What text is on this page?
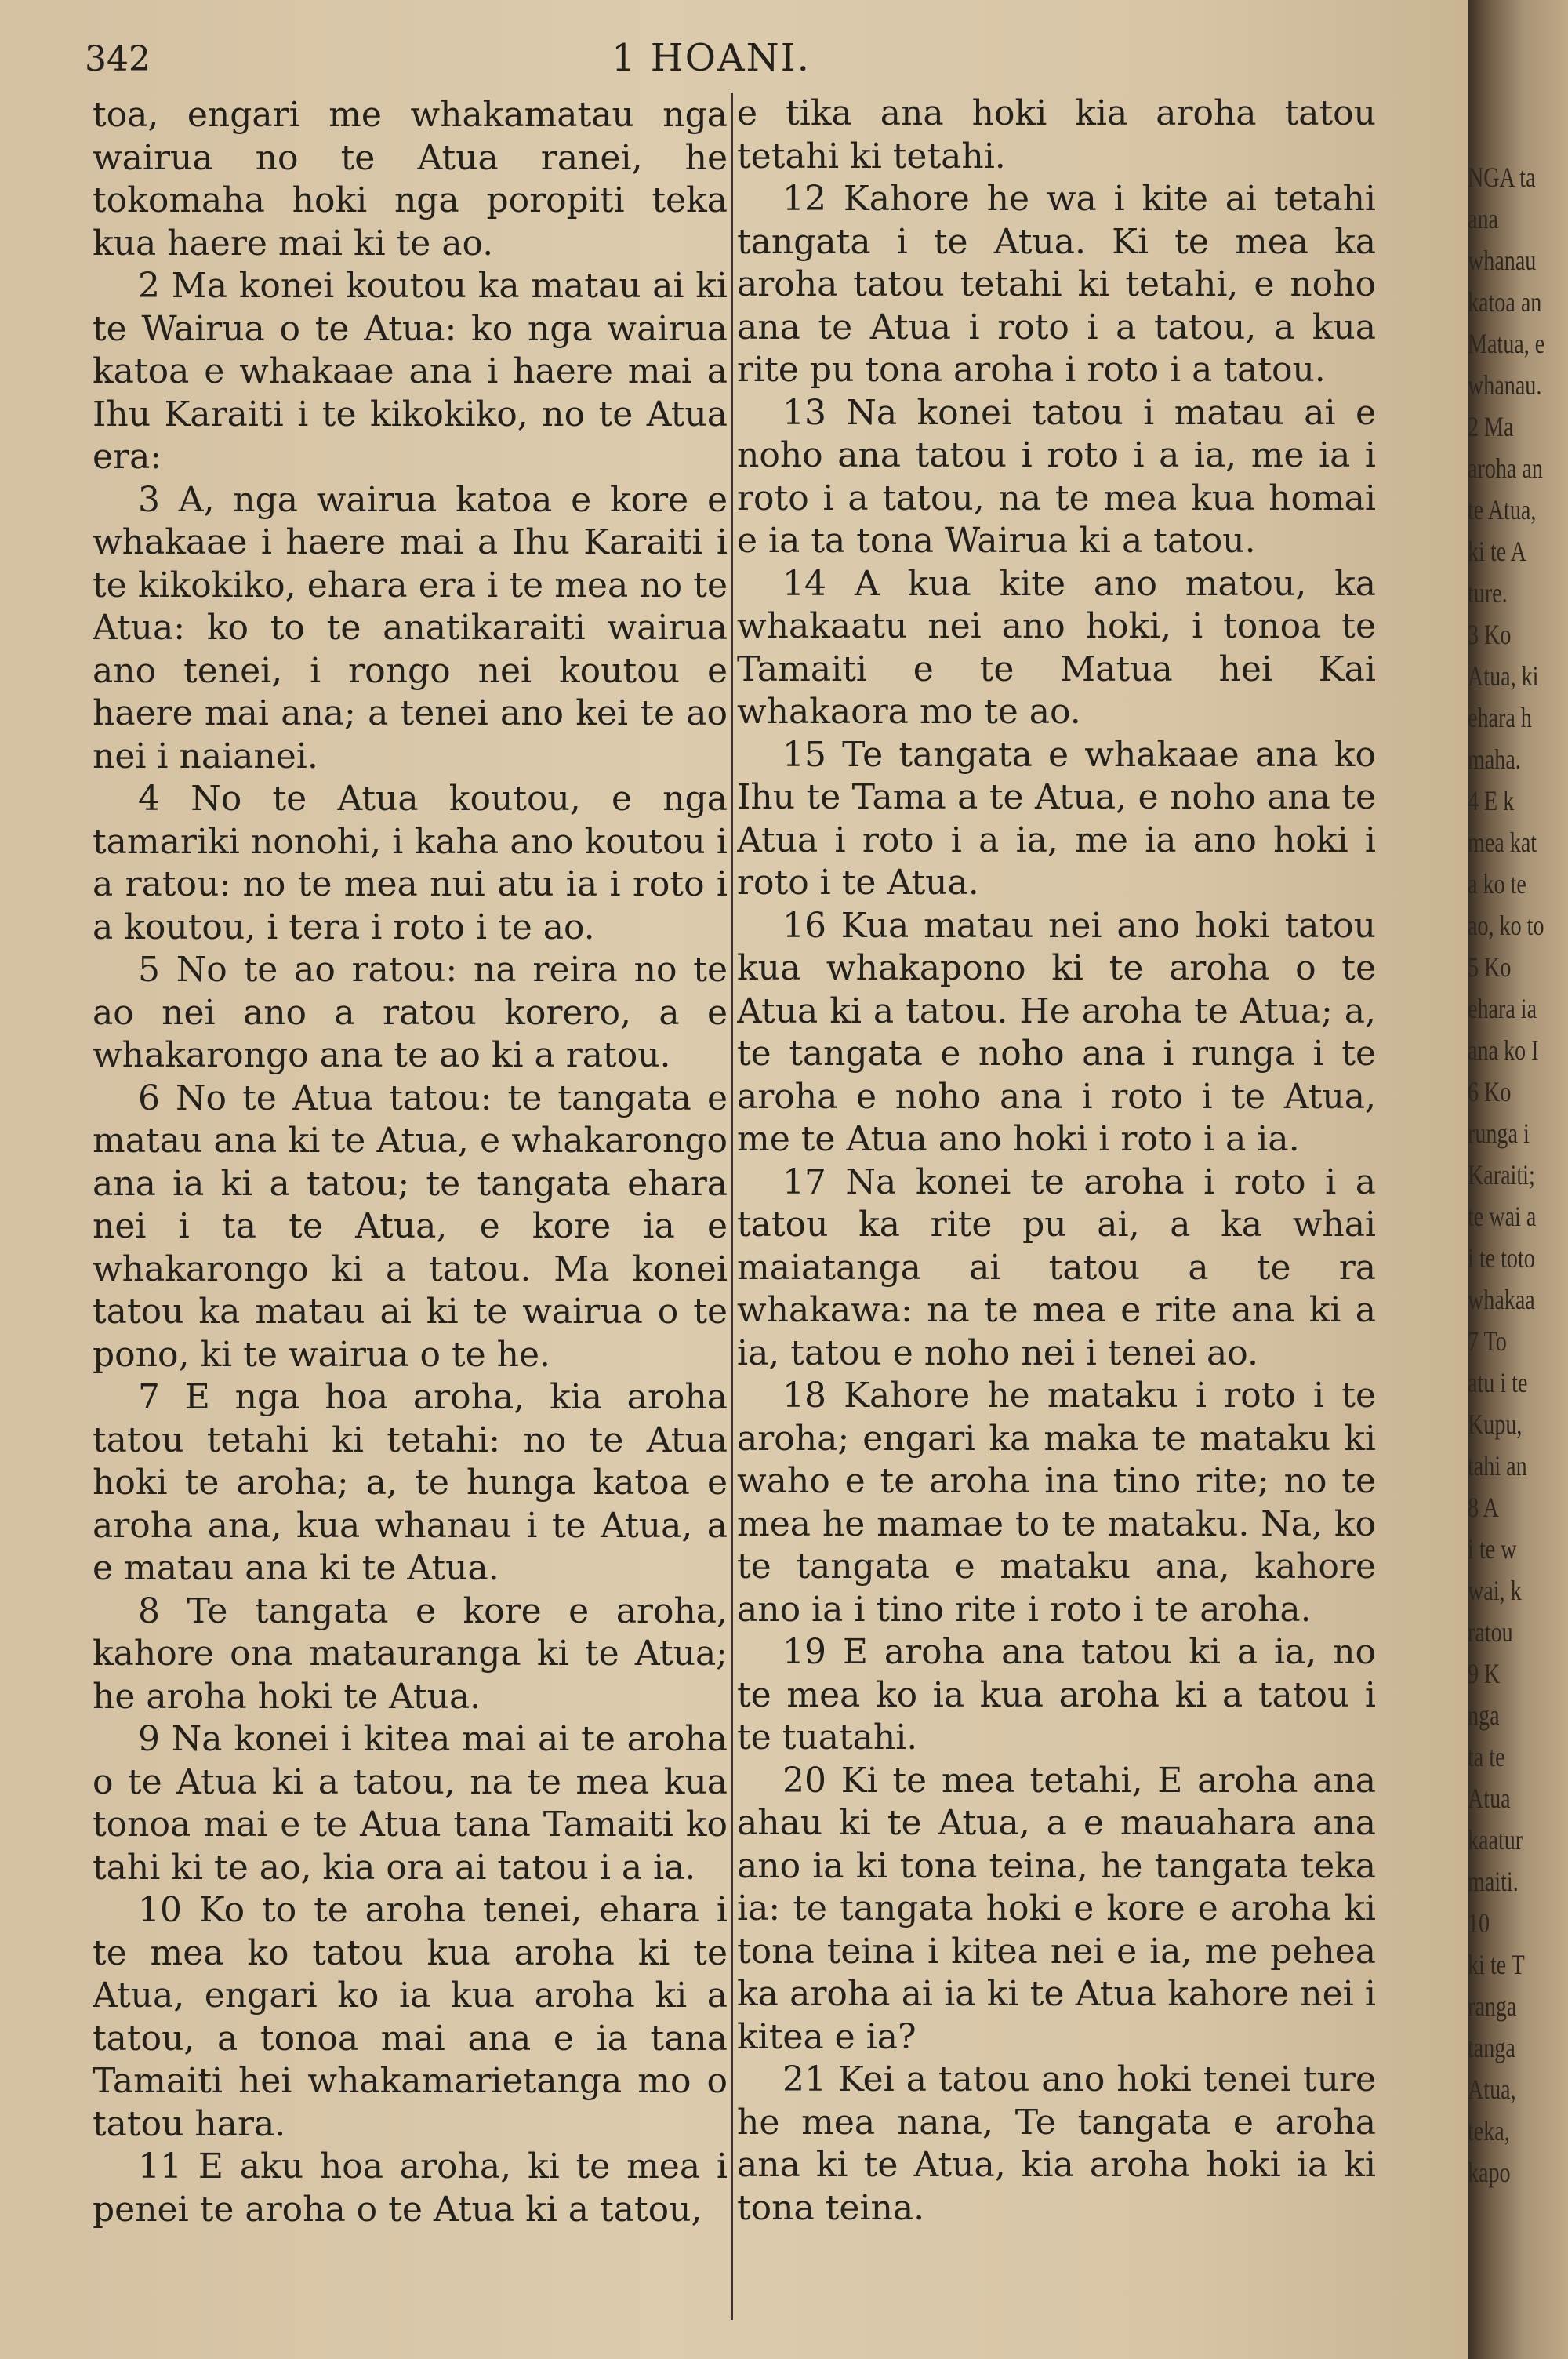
342	1 HOANI.

toa, engari me whakamatau nga wairua no te Atua ranei, he tokomaha hoki nga poropiti teka kua haere mai ki te ao.

2 Ma konei koutou ka matau ai ki te Wairua o te Atua: ko nga wairua katoa e whakaae ana i haere mai a Ihu Karaiti i te kikokiko, no te Atua era:

3 A, nga wairua katoa e kore e whakaae i haere mai a Ihu Karaiti i te kikokiko, ehara era i te mea no te Atua: ko to te anatikaraiti wairua ano tenei, i rongo nei koutou e haere mai ana; a tenei ano kei te ao nei i naianei.

4 No te Atua koutou, e nga tamariki nonohi, i kaha ano koutou i a ratou: no te mea nui atu ia i roto i a koutou, i tera i roto i te ao.

5 No te ao ratou: na reira no te ao nei ano a ratou korero, a e whakarongo ana te ao ki a ratou.

6 No te Atua tatou: te tangata e matau ana ki te Atua, e whakarongo ana ia ki a tatou; te tangata ehara nei i ta te Atua, e kore ia e whakarongo ki a tatou. Ma konei tatou ka matau ai ki te wairua o te pono, ki te wairua o te he.

7 E nga hoa aroha, kia aroha tatou tetahi ki tetahi: no te Atua hoki te aroha; a, te hunga katoa e aroha ana, kua whanau i te Atua, a e matau ana ki te Atua.

8 Te tangata e kore e aroha, kahore ona matauranga ki te Atua; he aroha hoki te Atua.

9 Na konei i kitea mai ai te aroha o te Atua ki a tatou, na te mea kua tonoa mai e te Atua tana Tamaiti ko tahi ki te ao, kia ora ai tatou i a ia.

10 Ko to te aroha tenei, ehara i te mea ko tatou kua aroha ki te Atua, engari ko ia kua aroha ki a tatou, a tonoa mai ana e ia tana Tamaiti hei whakamarietanga mo o tatou hara.

11 E aku hoa aroha, ki te mea i penei te aroha o te Atua ki a tatou,

e tika ana hoki kia aroha tatou tetahi ki tetahi.

12 Kahore he wa i kite ai tetahi tangata i te Atua. Ki te mea ka aroha tatou tetahi ki tetahi, e noho ana te Atua i roto i a tatou, a kua rite pu tona aroha i roto i a tatou.

13 Na konei tatou i matau ai e noho ana tatou i roto i a ia, me ia i roto i a tatou, na te mea kua homai e ia ta tona Wairua ki a tatou.

14 A kua kite ano matou, ka whakaatu nei ano hoki, i tonoa te Tamaiti e te Matua hei Kai whakaora mo te ao.

15 Te tangata e whakaae ana ko Ihu te Tama a te Atua, e noho ana te Atua i roto i a ia, me ia ano hoki i roto i te Atua.

16 Kua matau nei ano hoki tatou kua whakapono ki te aroha o te Atua ki a tatou. He aroha te Atua; a, te tangata e noho ana i runga i te aroha e noho ana i roto i te Atua, me te Atua ano hoki i roto i a ia.

17 Na konei te aroha i roto i a tatou ka rite pu ai, a ka whai maiatanga ai tatou a te ra whakawa: na te mea e rite ana ki a ia, tatou e noho nei i tenei ao.

18 Kahore he mataku i roto i te aroha; engari ka maka te mataku ki waho e te aroha ina tino rite; no te mea he mamae to te mataku. Na, ko te tangata e mataku ana, kahore ano ia i tino rite i roto i te aroha.

19 E aroha ana tatou ki a ia, no te mea ko ia kua aroha ki a tatou i te tuatahi.

20 Ki te mea tetahi, E aroha ana ahau ki te Atua, a e mauahara ana ano ia ki tona teina, he tangata teka ia: te tangata hoki e kore e aroha ki tona teina i kitea nei e ia, me pehea ka aroha ai ia ki te Atua kahore nei i kitea e ia?

21 Kei a tatou ano hoki tenei ture he mea nana, Te tangata e aroha ana ki te Atua, kia aroha hoki ia ki tona teina.

NGA ta
ana
whanau
katoa an
Matua, e
whanau.
2 Ma
aroha an
te Atua,
ki te A
ture.
3 Ko
Atua, ki
ehara h
maha.
4 E k
mea kat
a ko te
ao, ko to
5 Ko
ehara ia
ana ko I
6 Ko
runga i
Karaiti;
te wai a
i te toto
whakaa
7 To
atu i te
Kupu,
tahi an
8 A
i te w
wai, k
ratou
9 K
nga
ta te
Atua
kaatur
maiti.
10
ki te T
ranga
tanga
Atua,
teka,
kapo
